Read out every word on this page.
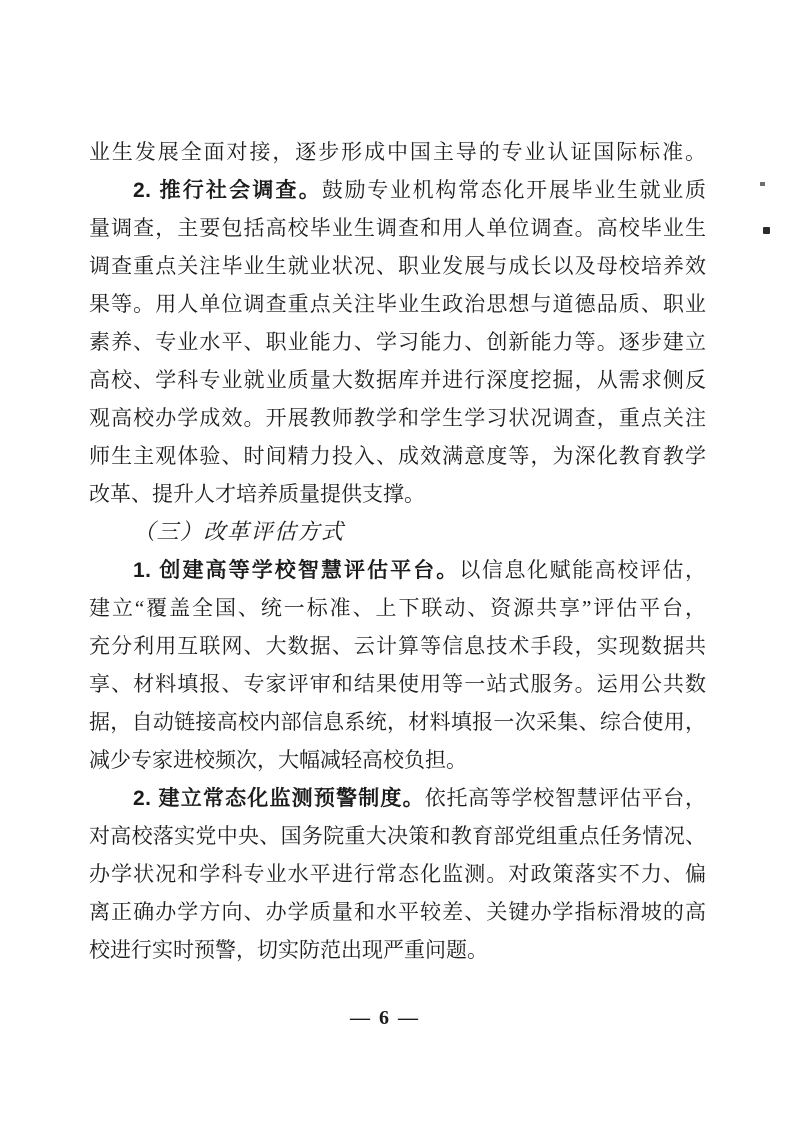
业生发展全面对接，逐步形成中国主导的专业认证国际标准。
2. 推行社会调查。鼓励专业机构常态化开展毕业生就业质
量调查，主要包括高校毕业生调查和用人单位调查。高校毕业生
调查重点关注毕业生就业状况、职业发展与成长以及母校培养效
果等。用人单位调查重点关注毕业生政治思想与道德品质、职业
素养、专业水平、职业能力、学习能力、创新能力等。逐步建立
高校、学科专业就业质量大数据库并进行深度挖掘，从需求侧反
观高校办学成效。开展教师教学和学生学习状况调查，重点关注
师生主观体验、时间精力投入、成效满意度等，为深化教育教学
改革、提升人才培养质量提供支撑。
（三）改革评估方式
1. 创建高等学校智慧评估平台。以信息化赋能高校评估，
建立“覆盖全国、统一标准、上下联动、资源共享”评估平台，
充分利用互联网、大数据、云计算等信息技术手段，实现数据共
享、材料填报、专家评审和结果使用等一站式服务。运用公共数
据，自动链接高校内部信息系统，材料填报一次采集、综合使用，
减少专家进校频次，大幅减轻高校负担。
2. 建立常态化监测预警制度。依托高等学校智慧评估平台，
对高校落实党中央、国务院重大决策和教育部党组重点任务情况、
办学状况和学科专业水平进行常态化监测。对政策落实不力、偏
离正确办学方向、办学质量和水平较差、关键办学指标滑坡的高
校进行实时预警，切实防范出现严重问题。
— 6 —
